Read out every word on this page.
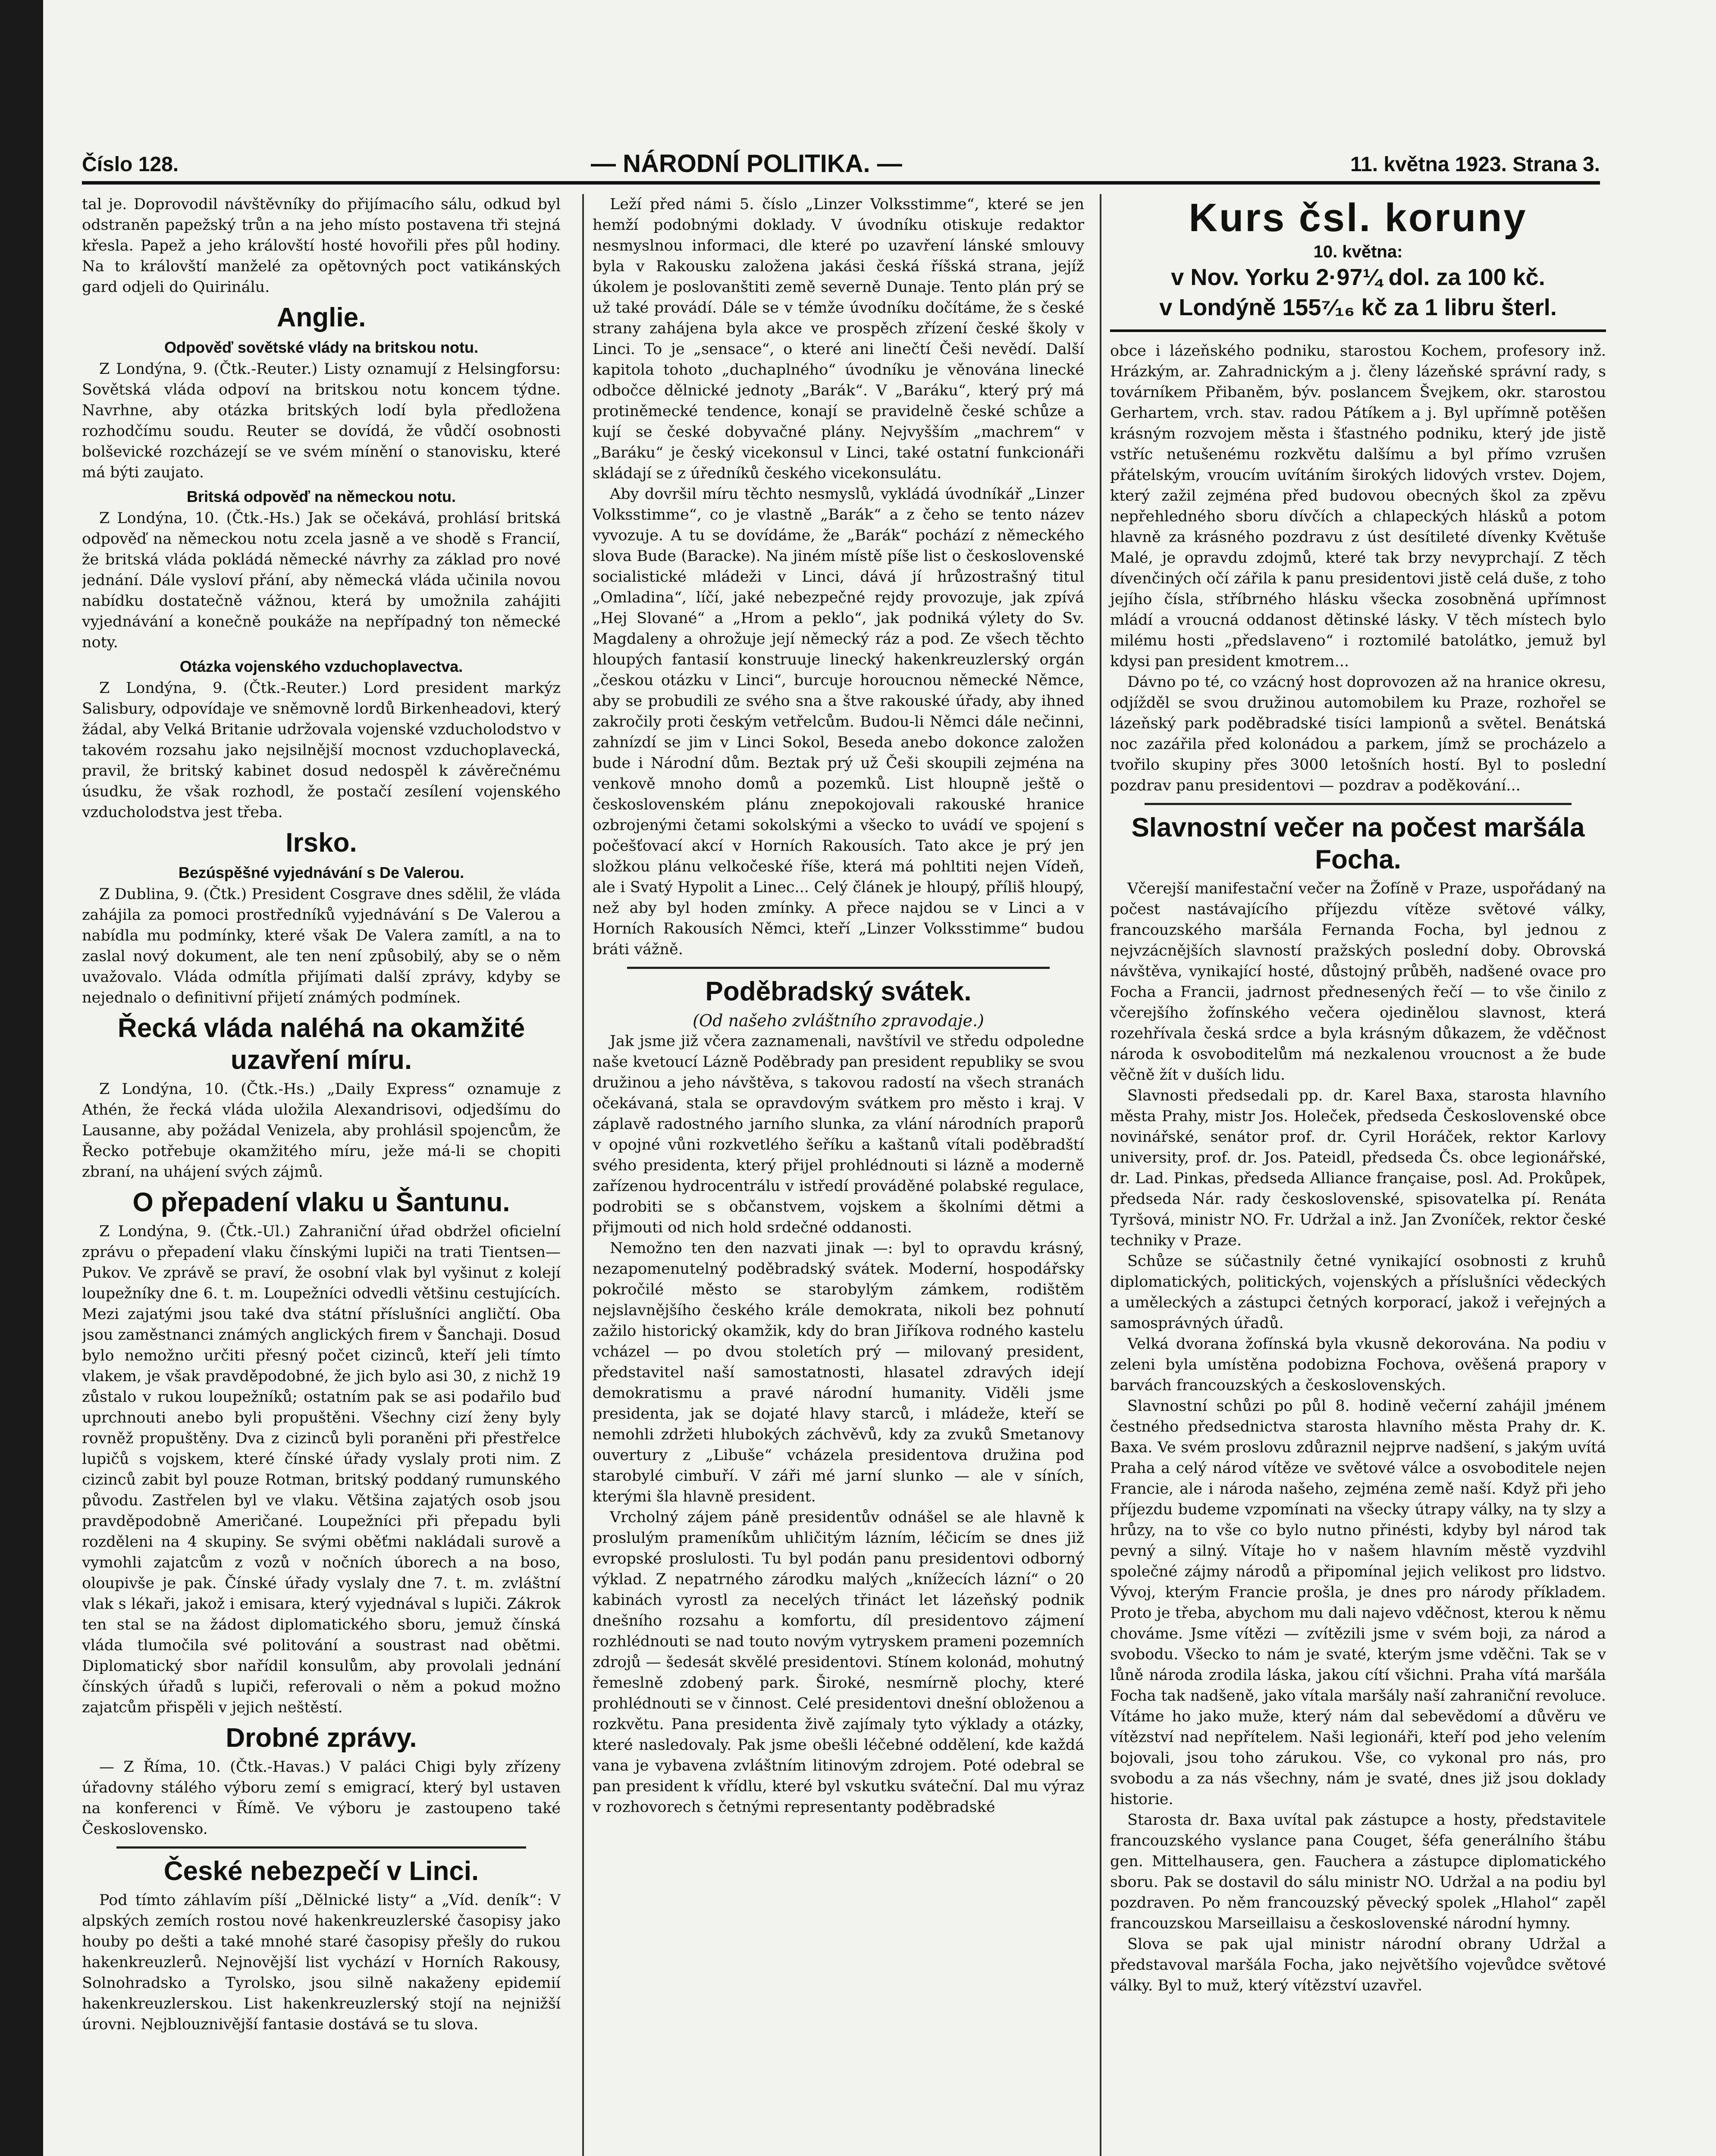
Číslo 128.	— NÁRODNÍ POLITIKA. —	11. května 1923. Strana 3.

tal je. Doprovodil návštěvníky do přijímacího sálu, odkud byl odstraněn papežský trůn a na jeho místo postavena tři stejná křesla. Papež a jeho královští hosté hovořili přes půl hodiny. Na to královští manželé za opětovných poct vatikánských gard odjeli do Quirinálu.

Anglie.
Odpověď sovětské vlády na britskou notu.

Z Londýna, 9. (Čtk.-Reuter.) Listy oznamují z Helsingforsu: Sovětská vláda odpoví na britskou notu koncem týdne. Navrhne, aby otázka britských lodí byla předložena rozhodčímu soudu. Reuter se dovídá, že vůdčí osobnosti bolševické rozcházejí se ve svém mínění o stanovisku, které má býti zaujato.

Britská odpověď na německou notu.

Z Londýna, 10. (Čtk.-Hs.) Jak se očekává, prohlásí britská odpověď na německou notu zcela jasně a ve shodě s Francií, že britská vláda pokládá německé návrhy za základ pro nové jednání. Dále vysloví přání, aby německá vláda učinila novou nabídku dostatečně vážnou, která by umožnila zahájiti vyjednávání a konečně poukáže na nepřípadný ton německé noty.

Otázka vojenského vzduchoplavectva.

Z Londýna, 9. (Čtk.-Reuter.) Lord president markýz Salisbury, odpovídaje ve sněmovně lordů Birkenheadovi, který žádal, aby Velká Britanie udržovala vojenské vzducholodstvo v takovém rozsahu jako nejsilnější mocnost vzduchoplavecká, pravil, že britský kabinet dosud nedospěl k závěrečnému úsudku, že však rozhodl, že postačí zesílení vojenského vzducholodstva jest třeba.

Irsko.
Bezúspěšné vyjednávání s De Valerou.

Z Dublina, 9. (Čtk.) President Cosgrave dnes sdělil, že vláda zahájila za pomoci prostředníků vyjednávání s De Valerou a nabídla mu podmínky, které však De Valera zamítl, a na to zaslal nový dokument, ale ten není způsobilý, aby se o něm uvažovalo. Vláda odmítla přijímati další zprávy, kdyby se nejednalo o definitivní přijetí známých podmínek.

Řecká vláda naléhá na okamžité uzavření míru.

Z Londýna, 10. (Čtk.-Hs.) „Daily Express“ oznamuje z Athén, že řecká vláda uložila Alexandrisovi, odjedšímu do Lausanne, aby požádal Venizela, aby prohlásil spojencům, že Řecko potřebuje okamžitého míru, ježe má-li se chopiti zbraní, na uhájení svých zájmů.

O přepadení vlaku u Šantunu.

Z Londýna, 9. (Čtk.-Ul.) Zahraniční úřad obdržel oficielní zprávu o přepadení vlaku čínskými lupiči na trati Tientsen—Pukov. Ve zprávě se praví, že osobní vlak byl vyšinut z kolejí loupežníky dne 6. t. m. Loupežníci odvedli většinu cestujících. Mezi zajatými jsou také dva státní příslušníci angličtí. Oba jsou zaměstnanci známých anglických firem v Šanchaji. Dosud bylo nemožno určiti přesný počet cizinců, kteří jeli tímto vlakem, je však pravděpodobné, že jich bylo asi 30, z nichž 19 zůstalo v rukou loupežníků; ostatním pak se asi podařilo buď uprchnouti anebo byli propuštěni. Všechny cizí ženy byly rovněž propuštěny. Dva z cizinců byli poraněni při přestřelce lupičů s vojskem, které čínské úřady vyslaly proti nim. Z cizinců zabit byl pouze Rotman, britský poddaný rumunského původu. Zastřelen byl ve vlaku. Většina zajatých osob jsou pravděpodobně Američané. Loupežníci při přepadu byli rozděleni na 4 skupiny. Se svými oběťmi nakládali surově a vymohli zajatcům z vozů v nočních úborech a na boso, oloupivše je pak. Čínské úřady vyslaly dne 7. t. m. zvláštní vlak s lékaři, jakož i emisara, který vyjednával s lupiči. Zákrok ten stal se na žádost diplomatického sboru, jemuž čínská vláda tlumočila své politování a soustrast nad obětmi. Diplomatický sbor nařídil konsulům, aby provolali jednání čínských úřadů s lupiči, referovali o něm a pokud možno zajatcům přispěli v jejich neštěstí.

Drobné zprávy.

— Z Říma, 10. (Čtk.-Havas.) V paláci Chigi byly zřízeny úřadovny stálého výboru zemí s emigrací, který byl ustaven na konferenci v Římě. Ve výboru je zastoupeno také Československo.

České nebezpečí v Linci.

Pod tímto záhlavím píší „Dělnické listy“ a „Víd. deník“: V alpských zemích rostou nové hakenkreuzlerské časopisy jako houby po dešti a také mnohé staré časopisy přešly do rukou hakenkreuzlerů. Nejnovější list vychází v Horních Rakousy, Solnohradsko a Tyrolsko, jsou silně nakaženy epidemií hakenkreuzlerskou. List hakenkreuzlerský stojí na nejnižší úrovni. Nejblouznivější fantasie dostává se tu slova.

Leží před námi 5. číslo „Linzer Volksstimme“, které se jen hemží podobnými doklady. V úvodníku otiskuje redaktor nesmyslnou informaci, dle které po uzavření lánské smlouvy byla v Rakousku založena jakási česká říšská strana, jejíž úkolem je poslovanštiti země severně Dunaje. Tento plán prý se už také provádí. Dále se v témže úvodníku dočítáme, že s české strany zahájena byla akce ve prospěch zřízení české školy v Linci. To je „sensace“, o které ani linečtí Češi nevědí. Další kapitola tohoto „duchaplného“ úvodníku je věnována linecké odbočce dělnické jednoty „Barák“. V „Baráku“, který prý má protiněmecké tendence, konají se pravidelně české schůze a kují se české dobyvačné plány. Nejvyšším „machrem“ v „Baráku“ je český vicekonsul v Linci, také ostatní funkcionáři skládají se z úředníků českého vicekonsulátu.

Aby dovršil míru těchto nesmyslů, vykládá úvodníkář „Linzer Volksstimme“, co je vlastně „Barák“ a z čeho se tento název vyvozuje. A tu se dovídáme, že „Barák“ pochází z německého slova Bude (Baracke). Na jiném místě píše list o československé socialistické mládeži v Linci, dává jí hrůzostrašný titul „Omladina“, líčí, jaké nebezpečné rejdy provozuje, jak zpívá „Hej Slované“ a „Hrom a peklo“, jak podniká výlety do Sv. Magdaleny a ohrožuje její německý ráz a pod. Ze všech těchto hloupých fantasií konstruuje linecký hakenkreuzlerský orgán „českou otázku v Linci“, burcuje horoucnou německé Němce, aby se probudili ze svého sna a štve rakouské úřady, aby ihned zakročily proti českým vetřelcům. Budou-li Němci dále nečinni, zahnízdí se jim v Linci Sokol, Beseda anebo dokonce založen bude i Národní dům. Beztak prý už Češi skoupili zejména na venkově mnoho domů a pozemků. List hloupně ještě o československém plánu znepokojovali rakouské hranice ozbrojenými četami sokolskými a všecko to uvádí ve spojení s počešťovací akcí v Horních Rakousích. Tato akce je prý jen složkou plánu velkočeské říše, která má pohltiti nejen Vídeň, ale i Svatý Hypolit a Linec... Celý článek je hloupý, příliš hloupý, než aby byl hoden zmínky. A přece najdou se v Linci a v Horních Rakousích Němci, kteří „Linzer Volksstimme“ budou bráti vážně.

Poděbradský svátek.
(Od našeho zvláštního zpravodaje.)

Jak jsme již včera zaznamenali, navštívil ve středu odpoledne naše kvetoucí Lázně Poděbrady pan president republiky se svou družinou a jeho návštěva, s takovou radostí na všech stranách očekávaná, stala se opravdovým svátkem pro město i kraj. V záplavě radostného jarního slunka, za vlání národních praporů v opojné vůni rozkvetlého šeříku a kaštanů vítali poděbradští svého presidenta, který přijel prohlédnouti si lázně a moderně zařízenou hydrocentrálu v istředí prováděné polabské regulace, podrobiti se s občanstvem, vojskem a školními dětmi a přijmouti od nich hold srdečné oddanosti.

Nemožno ten den nazvati jinak —: byl to opravdu krásný, nezapomenutelný poděbradský svátek. Moderní, hospodářsky pokročilé město se starobylým zámkem, rodištěm nejslavnějšího českého krále demokrata, nikoli bez pohnutí zažilo historický okamžik, kdy do bran Jiříkova rodného kastelu vcházel — po dvou stoletích prý — milovaný president, představitel naší samostatnosti, hlasatel zdravých idejí demokratismu a pravé národní humanity. Viděli jsme presidenta, jak se dojaté hlavy starců, i mládeže, kteří se nemohli zdržeti hlubokých záchvěvů, kdy za zvuků Smetanovy ouvertury z „Libuše“ vcházela presidentova družina pod starobylé cimbuří. V záři mé jarní slunko — ale v síních, kterými šla hlavně president.

Vrcholný zájem páně presidentův odnášel se ale hlavně k proslulým prameníkům uhličitým lázním, léčicím se dnes již evropské proslulosti. Tu byl podán panu presidentovi odborný výklad. Z nepatrného zárodku malých „knížecích lázní“ o 20 kabinách vyrostl za necelých třináct let lázeňský podnik dnešního rozsahu a komfortu, díl presidentovo zájmení rozhlédnouti se nad touto novým vytryskem prameni pozemních zdrojů — šedesát skvělé presidentovi. Stínem kolonád, mohutný řemeslně zdobený park. Široké, nesmírně plochy, které prohlédnouti se v činnost. Celé presidentovi dnešní obloženou a rozkvětu. Pana presidenta živě zajímaly tyto výklady a otázky, které nasledovaly. Pak jsme obešli léčebné oddělení, kde každá vana je vybavena zvláštním litinovým zdrojem. Poté odebral se pan president k vřídlu, které byl vskutku sváteční. Dal mu výraz v rozhovorech s četnými representanty poděbradské

Kurs čsl. koruny
10. května:
v Nov. Yorku 2·97¼ dol. za 100 kč.
v Londýně 155⁷⁄₁₆ kč za 1 libru šterl.

obce i lázeňského podniku, starostou Kochem, profesory inž. Hrázkým, ar. Zahradnickým a j. členy lázeňské správní rady, s továrníkem Přibaněm, býv. poslancem Švejkem, okr. starostou Gerhartem, vrch. stav. radou Pátíkem a j. Byl upřímně potěšen krásným rozvojem města i šťastného podniku, který jde jistě vstříc netušenému rozkvětu dalšímu a byl přímo vzrušen přátelským, vroucím uvítáním širokých lidových vrstev. Dojem, který zažil zejména před budovou obecných škol za zpěvu nepřehledného sboru dívčích a chlapeckých hlásků a potom hlavně za krásného pozdravu z úst desítileté dívenky Květuše Malé, je opravdu zdojmů, které tak brzy nevyprchají. Z těch dívenčiných očí zářila k panu presidentovi jistě celá duše, z toho jejího čísla, stříbrného hlásku všecka zosobněná upřímnost mládí a vroucná oddanost dětinské lásky. V těch místech bylo milému hosti „předslaveno“ i roztomilé batolátko, jemuž byl kdysi pan president kmotrem...

Dávno po té, co vzácný host doprovozen až na hranice okresu, odjížděl se svou družinou automobilem ku Praze, rozhořel se lázeňský park poděbradské tisíci lampionů a světel. Benátská noc zazářila před kolonádou a parkem, jímž se procházelo a tvořilo skupiny přes 3000 letošních hostí. Byl to poslední pozdrav panu presidentovi — pozdrav a poděkování...

Slavnostní večer na počest maršála Focha.

Včerejší manifestační večer na Žofíně v Praze, uspořádaný na počest nastávajícího příjezdu vítěze světové války, francouzského maršála Fernanda Focha, byl jednou z nejvzácnějších slavností pražských poslední doby. Obrovská návštěva, vynikající hosté, důstojný průběh, nadšené ovace pro Focha a Francii, jadrnost přednesených řečí — to vše činilo z včerejšího žofínského večera ojedinělou slavnost, která rozehřívala česká srdce a byla krásným důkazem, že vděčnost národa k osvoboditelům má nezkalenou vroucnost a že bude věčně žít v duších lidu.

Slavnosti předsedali pp. dr. Karel Baxa, starosta hlavního města Prahy, mistr Jos. Holeček, předseda Československé obce novinářské, senátor prof. dr. Cyril Horáček, rektor Karlovy university, prof. dr. Jos. Pateidl, předseda Čs. obce legionářské, dr. Lad. Pinkas, předseda Alliance française, posl. Ad. Prokůpek, předseda Nár. rady československé, spisovatelka pí. Renáta Tyršová, ministr NO. Fr. Udržal a inž. Jan Zvoníček, rektor české techniky v Praze.

Schůze se súčastnily četné vynikající osobnosti z kruhů diplomatických, politických, vojenských a příslušníci vědeckých a uměleckých a zástupci četných korporací, jakož i veřejných a samosprávných úřadů.

Velká dvorana žofínská byla vkusně dekorována. Na podiu v zeleni byla umístěna podobizna Fochova, ověšená prapory v barvách francouzských a československých.

Slavnostní schůzi po půl 8. hodině večerní zahájil jménem čestného předsednictva starosta hlavního města Prahy dr. K. Baxa. Ve svém proslovu zdůraznil nejprve nadšení, s jakým uvítá Praha a celý národ vítěze ve světové válce a osvoboditele nejen Francie, ale i národa našeho, zejména země naší. Když při jeho příjezdu budeme vzpomínati na všecky útrapy války, na ty slzy a hrůzy, na to vše co bylo nutno přinésti, kdyby byl národ tak pevný a silný. Vítaje ho v našem hlavním městě vyzdvihl společné zájmy národů a připomínal jejich velikost pro lidstvo. Vývoj, kterým Francie prošla, je dnes pro národy příkladem. Proto je třeba, abychom mu dali najevo vděčnost, kterou k němu chováme. Jsme vítězi — zvítězili jsme v svém boji, za národ a svobodu. Všecko to nám je svaté, kterým jsme vděčni. Tak se v lůně národa zrodila láska, jakou cítí všichni. Praha vítá maršála Focha tak nadšeně, jako vítala maršály naší zahraniční revoluce. Vítáme ho jako muže, který nám dal sebevědomí a důvěru ve vítězství nad nepřítelem. Naši legionáři, kteří pod jeho velením bojovali, jsou toho zárukou. Vše, co vykonal pro nás, pro svobodu a za nás všechny, nám je svaté, dnes již jsou doklady historie.

Starosta dr. Baxa uvítal pak zástupce a hosty, představitele francouzského vyslance pana Couget, šéfa generálního štábu gen. Mittelhausera, gen. Fauchera a zástupce diplomatického sboru. Pak se dostavil do sálu ministr NO. Udržal a na podiu byl pozdraven. Po něm francouzský pěvecký spolek „Hlahol“ zapěl francouzskou Marseillaisu a československé národní hymny.

Slova se pak ujal ministr národní obrany Udržal a představoval maršála Focha, jako největšího vojevůdce světové války. Byl to muž, který vítězství uzavřel.
